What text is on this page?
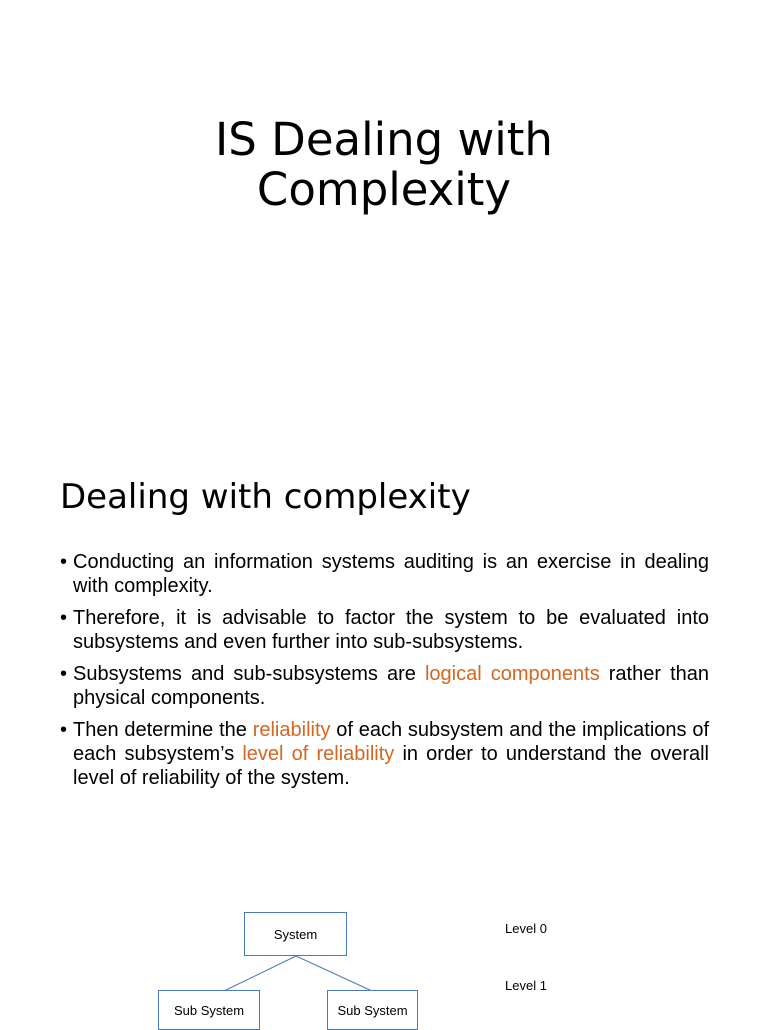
IS Dealing with
Complexity
Dealing with complexity
• Conducting an information systems auditing is an exercise in dealing with complexity.
• Therefore, it is advisable to factor the system to be evaluated into subsystems and even further into sub-subsystems.
• Subsystems and sub-subsystems are logical components rather than physical components.
• Then determine the reliability of each subsystem and the implications of each subsystem’s level of reliability in order to understand the overall level of reliability of the system.
System
Sub System	Sub System
Level 0
Level 1
